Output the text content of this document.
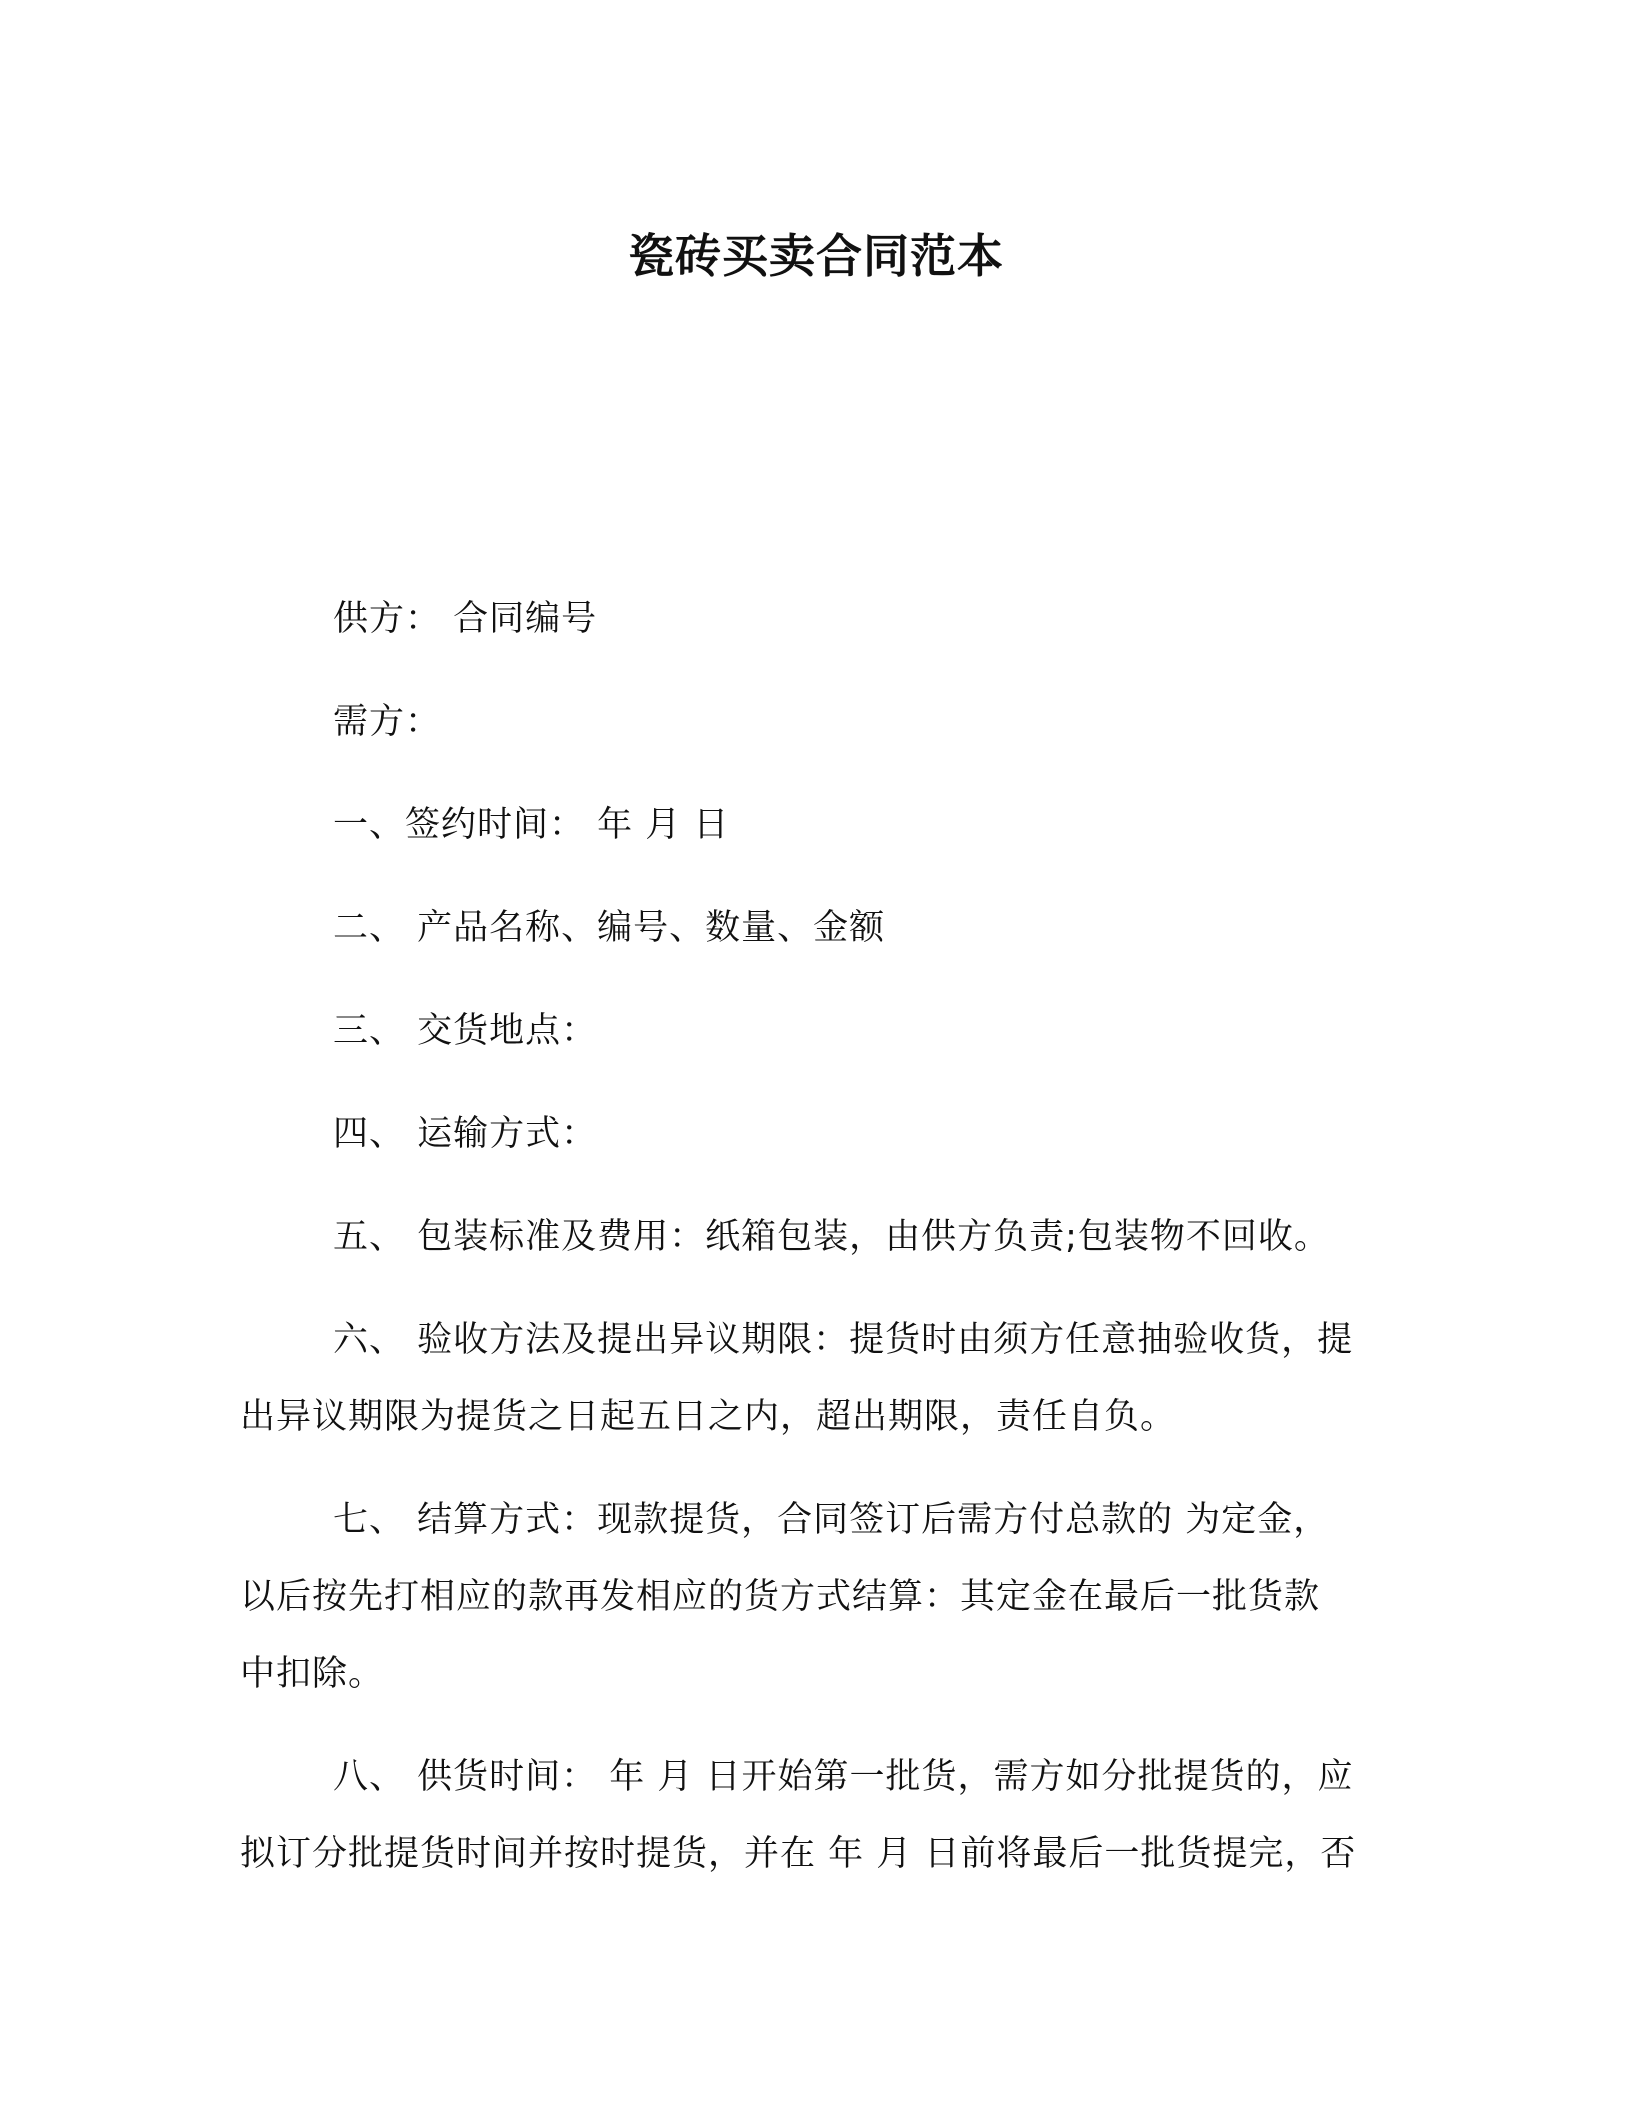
瓷砖买卖合同范本
供方： 合同编号
需方：
一、签约时间： 年 月 日
二、 产品名称、编号、数量、金额
三、 交货地点：
四、 运输方式：
五、 包装标准及费用：纸箱包装，由供方负责;包装物不回收。
六、 验收方法及提出异议期限：提货时由须方任意抽验收货，提
出异议期限为提货之日起五日之内，超出期限，责任自负。
七、 结算方式：现款提货，合同签订后需方付总款的 为定金，
以后按先打相应的款再发相应的货方式结算：其定金在最后一批货款
中扣除。
八、 供货时间： 年 月 日开始第一批货，需方如分批提货的，应
拟订分批提货时间并按时提货，并在 年 月 日前将最后一批货提完，否
